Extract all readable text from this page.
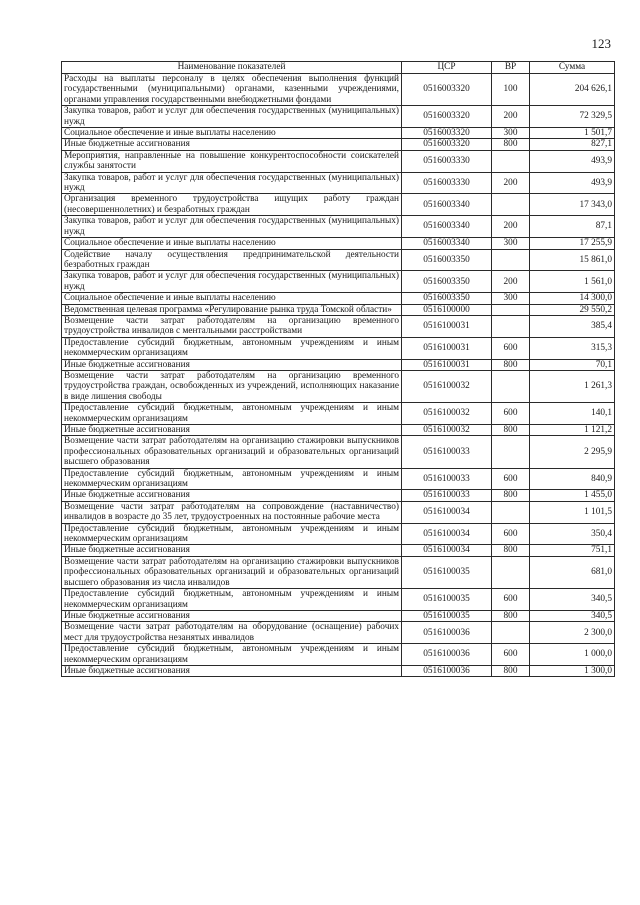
123
Наименование показателей	ЦСР	ВР	Сумма
Расходы на выплаты персоналу в целях обеспечения выполнения функций государственными (муниципальными) органами, казенными учреждениями, органами управления государственными внебюджетными фондами	0516003320	100	204 626,1
Закупка товаров, работ и услуг для обеспечения государственных (муниципальных) нужд	0516003320	200	72 329,5
Социальное обеспечение и иные выплаты населению	0516003320	300	1 501,7
Иные бюджетные ассигнования	0516003320	800	827,1
Мероприятия, направленные на повышение конкурентоспособности соискателей службы занятости	0516003330		493,9
Закупка товаров, работ и услуг для обеспечения государственных (муниципальных) нужд	0516003330	200	493,9
Организация временного трудоустройства ищущих работу граждан (несовершеннолетних) и безработных граждан	0516003340		17 343,0
Закупка товаров, работ и услуг для обеспечения государственных (муниципальных) нужд	0516003340	200	87,1
Социальное обеспечение и иные выплаты населению	0516003340	300	17 255,9
Содействие началу осуществления предпринимательской деятельности безработных граждан	0516003350		15 861,0
Закупка товаров, работ и услуг для обеспечения государственных (муниципальных) нужд	0516003350	200	1 561,0
Социальное обеспечение и иные выплаты населению	0516003350	300	14 300,0
Ведомственная целевая программа «Регулирование рынка труда Томской области»	0516100000		29 550,2
Возмещение части затрат работодателям на организацию временного трудоустройства инвалидов с ментальными расстройствами	0516100031		385,4
Предоставление субсидий бюджетным, автономным учреждениям и иным некоммерческим организациям	0516100031	600	315,3
Иные бюджетные ассигнования	0516100031	800	70,1
Возмещение части затрат работодателям на организацию временного трудоустройства граждан, освобожденных из учреждений, исполняющих наказание в виде лишения свободы	0516100032		1 261,3
Предоставление субсидий бюджетным, автономным учреждениям и иным некоммерческим организациям	0516100032	600	140,1
Иные бюджетные ассигнования	0516100032	800	1 121,2
Возмещение части затрат работодателям на организацию стажировки выпускников профессиональных образовательных организаций и образовательных организаций высшего образования	0516100033		2 295,9
Предоставление субсидий бюджетным, автономным учреждениям и иным некоммерческим организациям	0516100033	600	840,9
Иные бюджетные ассигнования	0516100033	800	1 455,0
Возмещение части затрат работодателям на сопровождение (наставничество) инвалидов в возрасте до 35 лет, трудоустроенных на постоянные рабочие места	0516100034		1 101,5
Предоставление субсидий бюджетным, автономным учреждениям и иным некоммерческим организациям	0516100034	600	350,4
Иные бюджетные ассигнования	0516100034	800	751,1
Возмещение части затрат работодателям на организацию стажировки выпускников профессиональных образовательных организаций и образовательных организаций высшего образования из числа инвалидов	0516100035		681,0
Предоставление субсидий бюджетным, автономным учреждениям и иным некоммерческим организациям	0516100035	600	340,5
Иные бюджетные ассигнования	0516100035	800	340,5
Возмещение части затрат работодателям на оборудование (оснащение) рабочих мест для трудоустройства незанятых инвалидов	0516100036		2 300,0
Предоставление субсидий бюджетным, автономным учреждениям и иным некоммерческим организациям	0516100036	600	1 000,0
Иные бюджетные ассигнования	0516100036	800	1 300,0
